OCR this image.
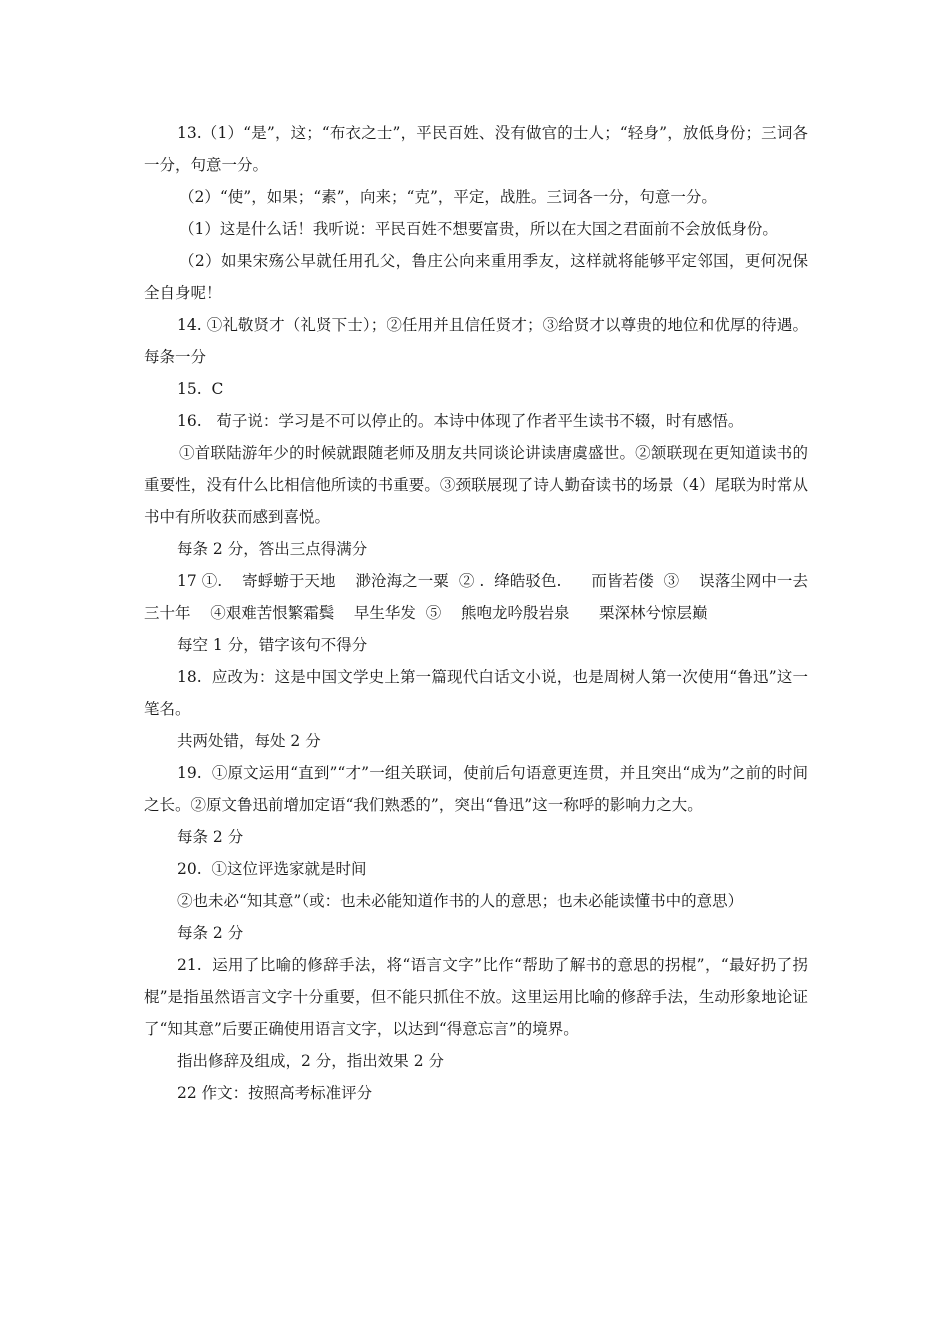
13.（1）“是”，这；“布衣之士”，平民百姓、没有做官的士人；“轻身”，放低身份；三词各一分，句意一分。

（2）“使”，如果；“素”，向来；“克”，平定，战胜。三词各一分，句意一分。

（1）这是什么话！我听说：平民百姓不想要富贵，所以在大国之君面前不会放低身份。

（2）如果宋殇公早就任用孔父，鲁庄公向来重用季友，这样就将能够平定邻国，更何况保全自身呢！

14. ①礼敬贤才（礼贤下士）；②任用并且信任贤才；③给贤才以尊贵的地位和优厚的待遇。每条一分

15.  C

16.   荀子说：学习是不可以停止的。本诗中体现了作者平生读书不辍，时有感悟。

①首联陆游年少的时候就跟随老师及朋友共同谈论讲读唐虞盛世。②颔联现在更知道读书的重要性，没有什么比相信他所读的书重要。③颈联展现了诗人勤奋读书的场景（4）尾联为时常从书中有所收获而感到喜悦。

每条 2 分，答出三点得满分

17 ①.    寄蜉蝣于天地    渺沧海之一粟  ② .  绛皓驳色.      而皆若偻  ③    误落尘网中一去三十年    ④艰难苦恨繁霜鬓    早生华发  ⑤    熊咆龙吟殷岩泉      栗深林兮惊层巅

每空 1 分，错字该句不得分

18.  应改为：这是中国文学史上第一篇现代白话文小说，也是周树人第一次使用“鲁迅”这一笔名。

共两处错，每处 2 分

19.  ①原文运用“直到”“才”一组关联词，使前后句语意更连贯，并且突出“成为”之前的时间之长。②原文鲁迅前增加定语“我们熟悉的”，突出“鲁迅”这一称呼的影响力之大。

每条 2 分

20.  ①这位评选家就是时间

②也未必“知其意”（或：也未必能知道作书的人的意思；也未必能读懂书中的意思）

每条 2 分

21.  运用了比喻的修辞手法，将“语言文字”比作“帮助了解书的意思的拐棍”，“最好扔了拐棍”是指虽然语言文字十分重要，但不能只抓住不放。这里运用比喻的修辞手法，生动形象地论证了“知其意”后要正确使用语言文字，以达到“得意忘言”的境界。

指出修辞及组成，2 分，指出效果 2 分

22 作文：按照高考标准评分
